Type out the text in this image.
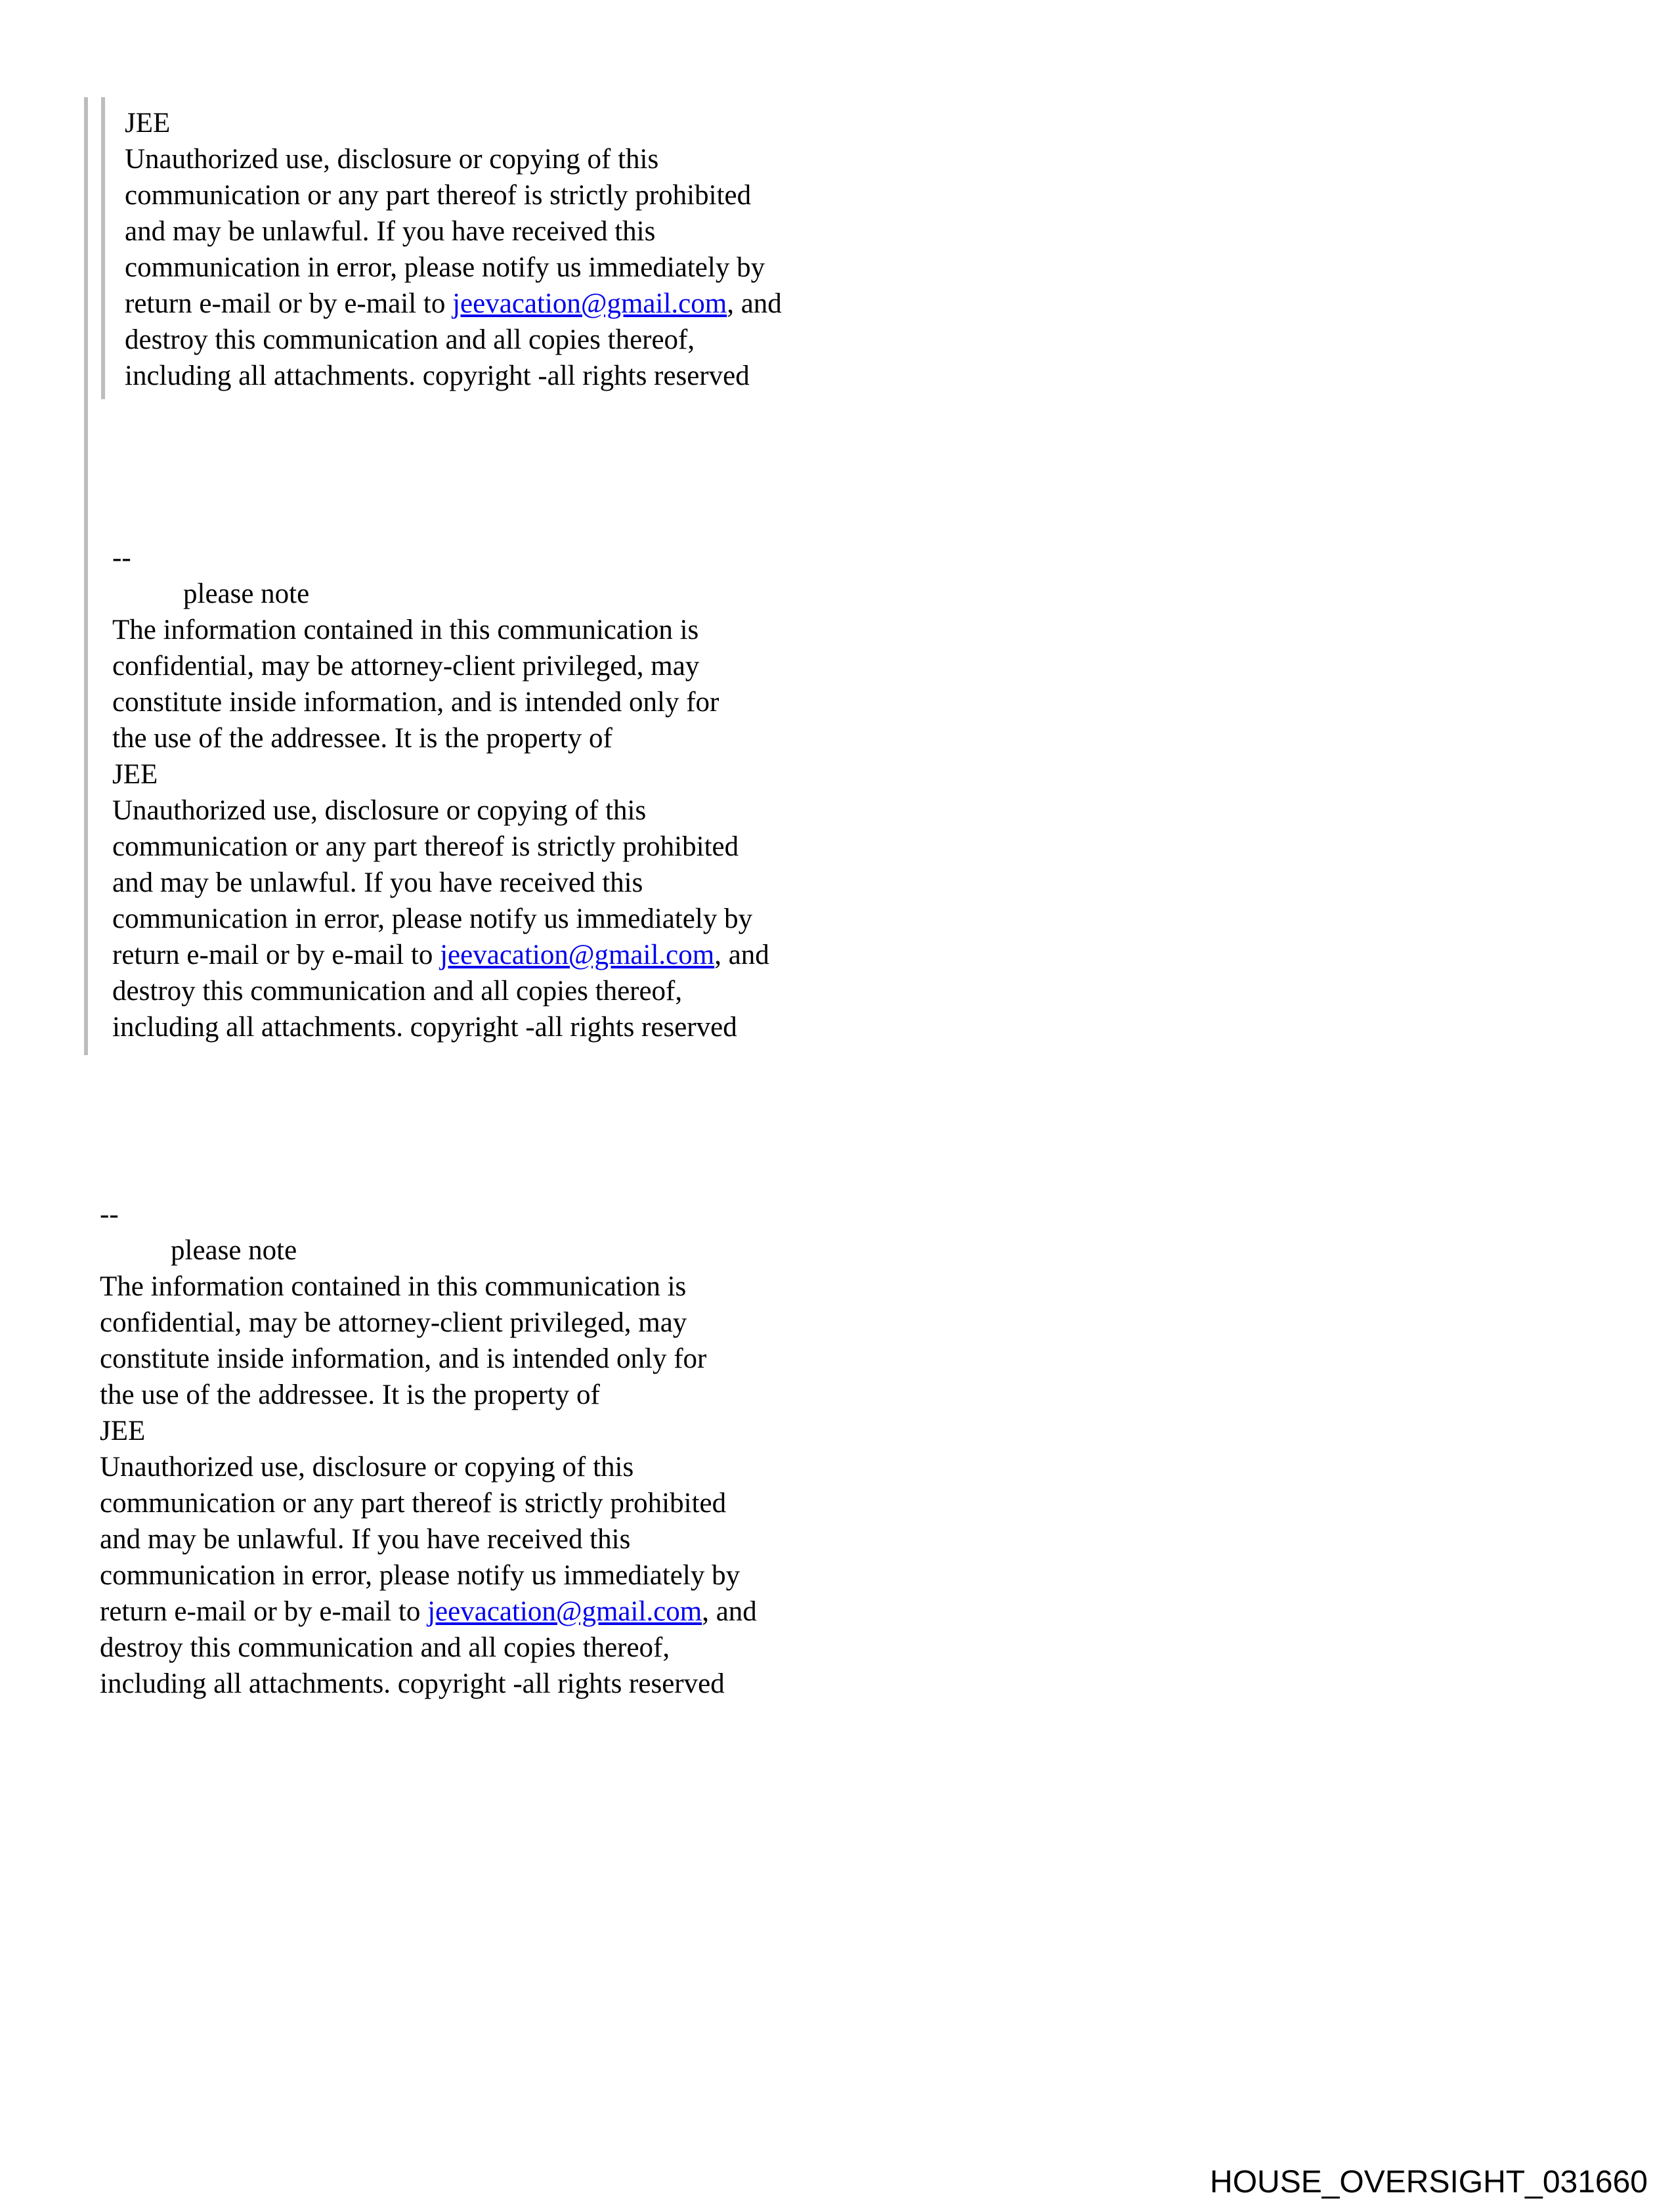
JEE
Unauthorized use, disclosure or copying of this
communication or any part thereof is strictly prohibited
and may be unlawful. If you have received this
communication in error, please notify us immediately by
return e-mail or by e-mail to jeevacation@gmail.com, and
destroy this communication and all copies thereof,
including all attachments. copyright -all rights reserved
--
please note
The information contained in this communication is
confidential, may be attorney-client privileged, may
constitute inside information, and is intended only for
the use of the addressee. It is the property of
JEE
Unauthorized use, disclosure or copying of this
communication or any part thereof is strictly prohibited
and may be unlawful. If you have received this
communication in error, please notify us immediately by
return e-mail or by e-mail to jeevacation@gmail.com, and
destroy this communication and all copies thereof,
including all attachments. copyright -all rights reserved
--
please note
The information contained in this communication is
confidential, may be attorney-client privileged, may
constitute inside information, and is intended only for
the use of the addressee. It is the property of
JEE
Unauthorized use, disclosure or copying of this
communication or any part thereof is strictly prohibited
and may be unlawful. If you have received this
communication in error, please notify us immediately by
return e-mail or by e-mail to jeevacation@gmail.com, and
destroy this communication and all copies thereof,
including all attachments. copyright -all rights reserved
HOUSE_OVERSIGHT_031660
